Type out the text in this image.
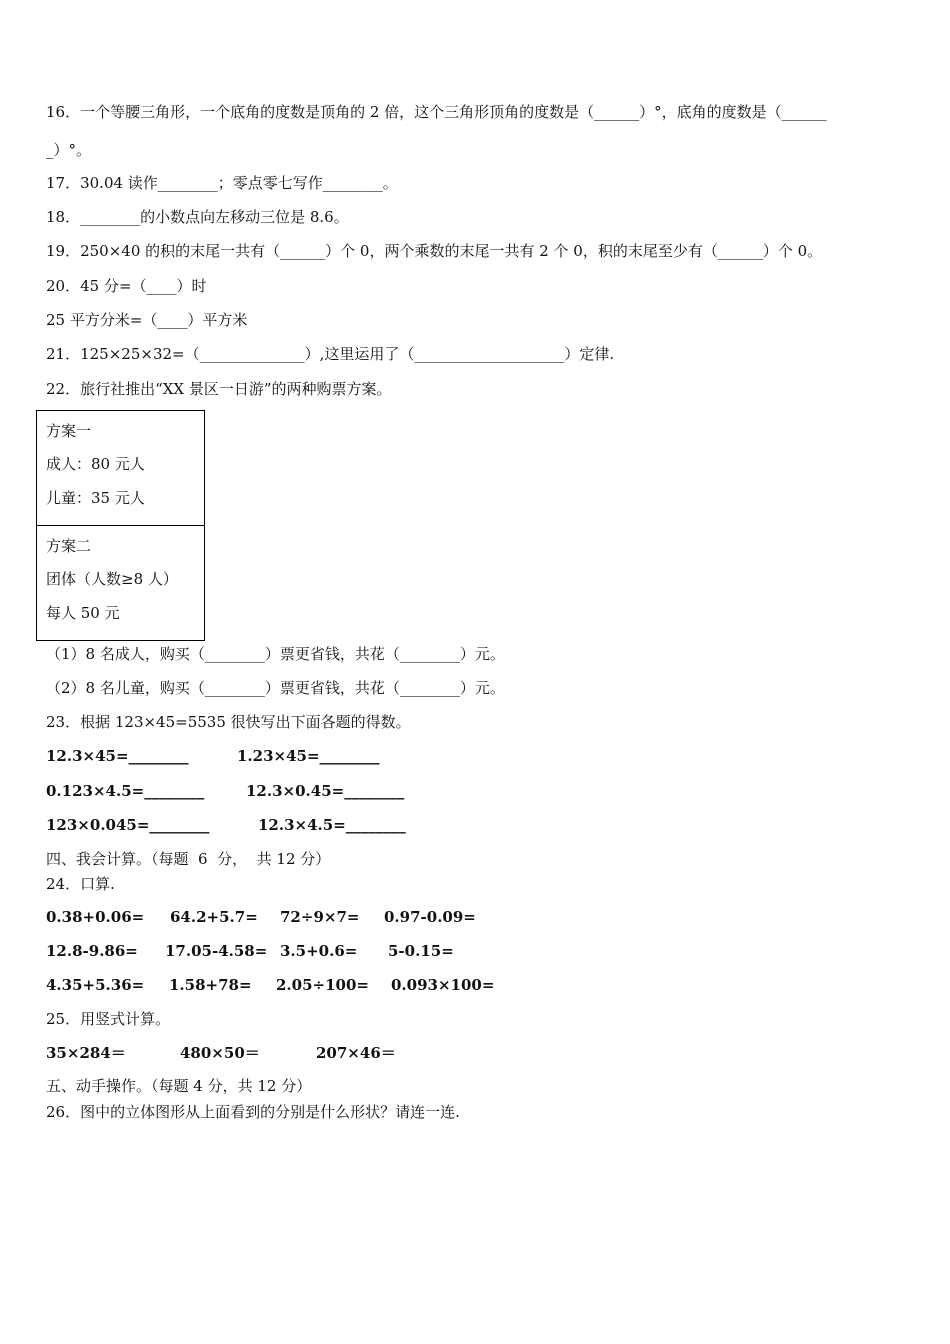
16．一个等腰三角形，一个底角的度数是顶角的 2 倍，这个三角形顶角的度数是（______）°，底角的度数是（______
_）°。
17．30.04 读作________；零点零七写作________。
18．________的小数点向左移动三位是 8.6。
19．250×40 的积的末尾一共有（______）个 0，两个乘数的末尾一共有 2 个 0，积的末尾至少有（______）个 0。
20．45 分=（____）时
25 平方分米=（____）平方米
21．125×25×32=（______________）,这里运用了（____________________）定律.
22．旅行社推出“XX 景区一日游”的两种购票方案。
方案一
成人：80 元人
儿童：35 元人
方案二
团体（人数≥8 人）
每人 50 元
（1）8 名成人，购买（________）票更省钱，共花（________）元。
（2）8 名儿童，购买（________）票更省钱，共花（________）元。
23．根据 123×45=5535 很快写出下面各题的得数。

12.3×45=________

	1.23×45=________

0.123×4.5=________

	12.3×0.45=________

123×0.045=________

	12.3×4.5=________

四、我会计算。（每题  6  分，  共 12 分）
24．口算.

0.38+0.06=

64.2+5.7=

72÷9×7=

0.97-0.09=

12.8-9.86=

17.05-4.58=

3.5+0.6=

5-0.15=

4.35+5.36=

1.58+78=

2.05÷100=

0.093×100=

25．用竖式计算。

35×284＝

	480×50＝

	207×46＝

五、动手操作。（每题 4 分，共 12 分）
26．图中的立体图形从上面看到的分别是什么形状？请连一连.
